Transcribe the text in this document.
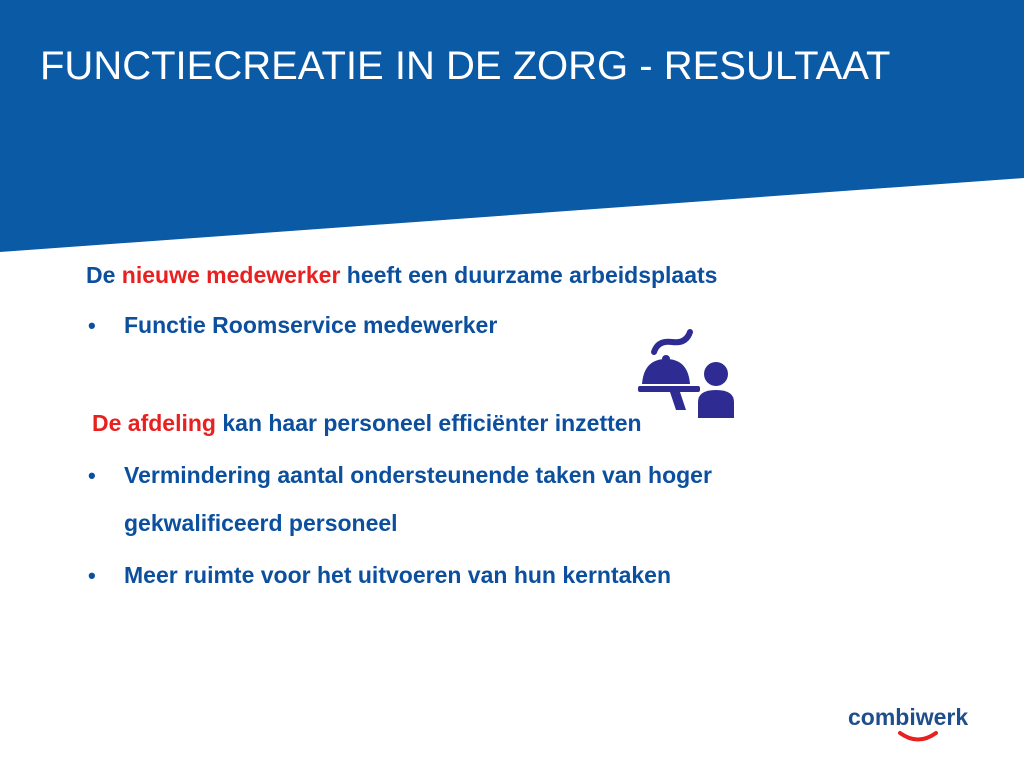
FUNCTIECREATIE IN DE ZORG - RESULTAAT
De nieuwe medewerker heeft een duurzame arbeidsplaats
• Functie Roomservice medewerker
De afdeling kan haar personeel efficiënter inzetten
• Vermindering aantal ondersteunende taken van hoger
gekwalificeerd personeel
• Meer ruimte voor het uitvoeren van hun kerntaken
combiwerk
